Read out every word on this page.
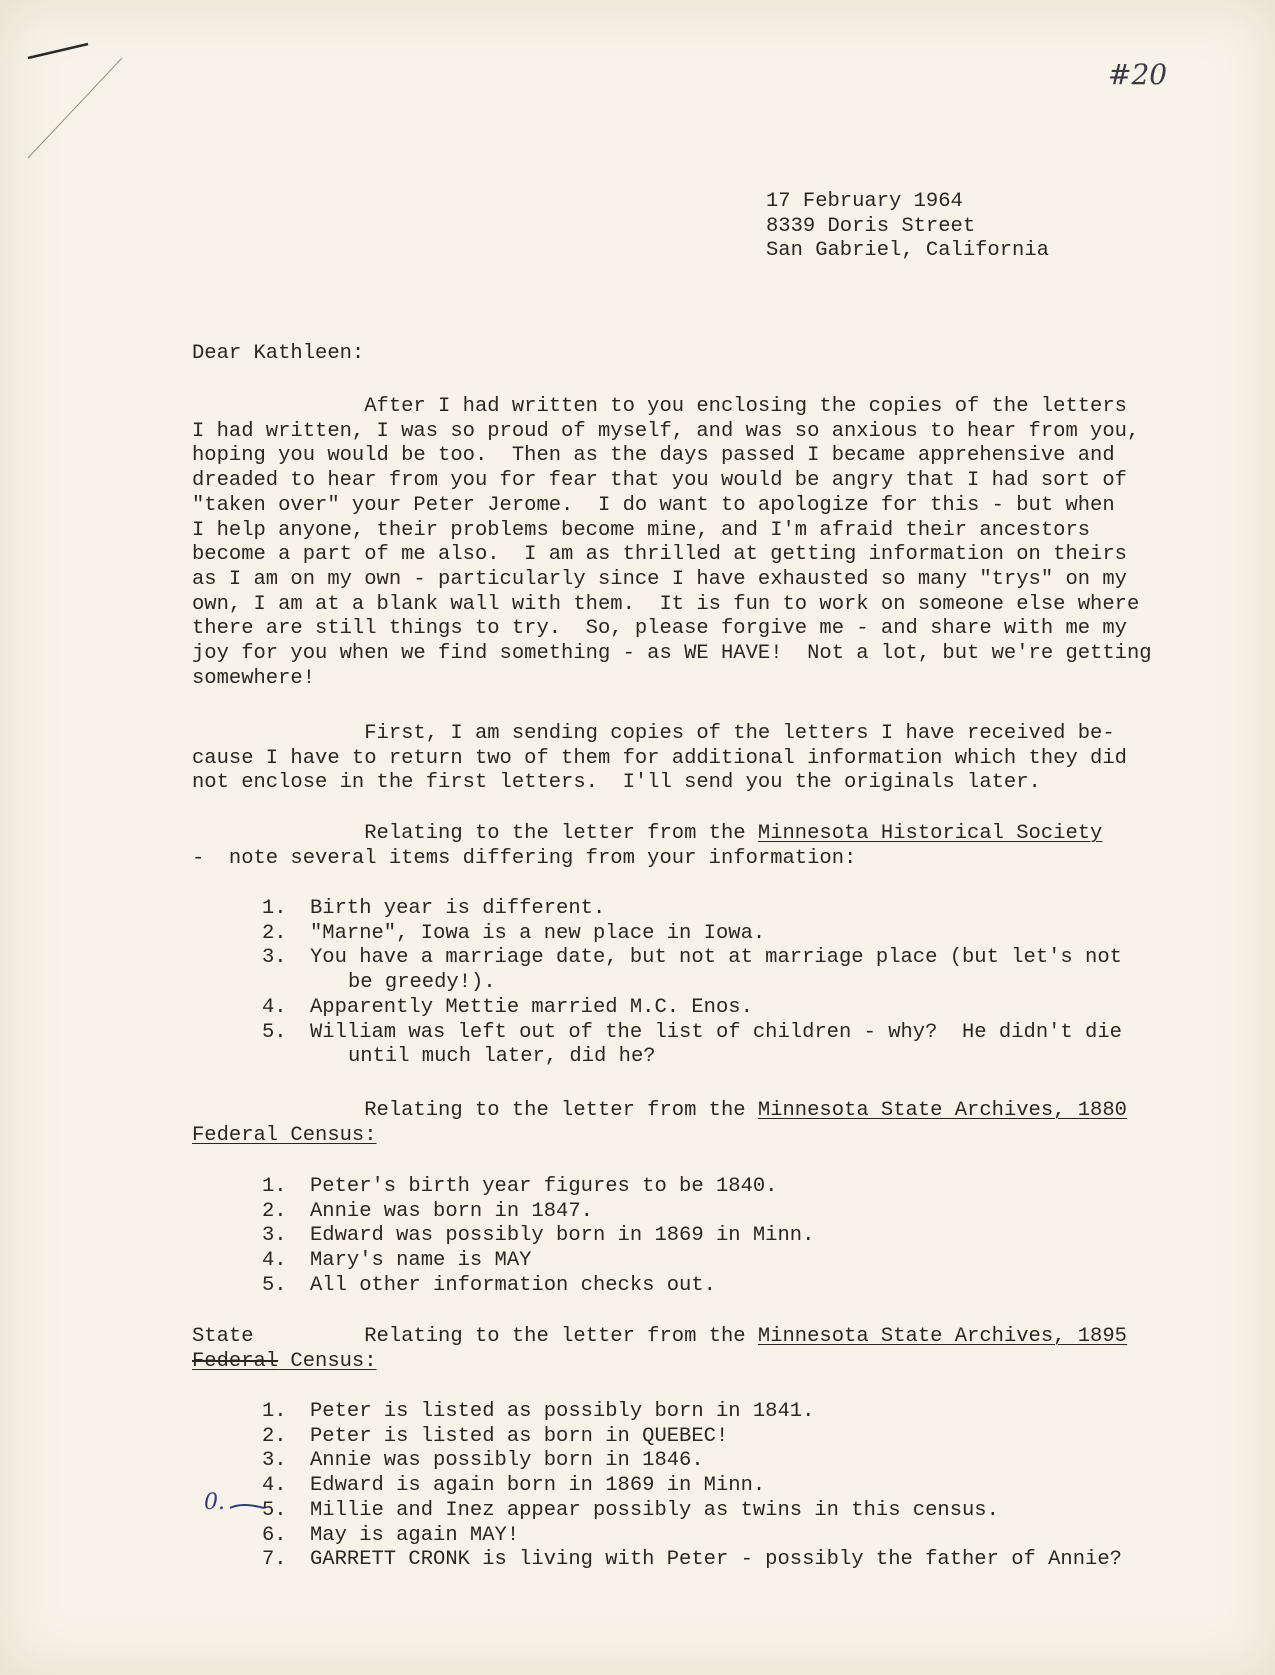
#20
17 February 1964
8339 Doris Street
San Gabriel, California
Dear Kathleen:
After I had written to you enclosing the copies of the letters
I had written, I was so proud of myself, and was so anxious to hear from you,
hoping you would be too.  Then as the days passed I became apprehensive and
dreaded to hear from you for fear that you would be angry that I had sort of
"taken over" your Peter Jerome.  I do want to apologize for this - but when
I help anyone, their problems become mine, and I'm afraid their ancestors
become a part of me also.  I am as thrilled at getting information on theirs
as I am on my own - particularly since I have exhausted so many "trys" on my
own, I am at a blank wall with them.  It is fun to work on someone else where
there are still things to try.  So, please forgive me - and share with me my
joy for you when we find something - as WE HAVE!  Not a lot, but we're getting
somewhere!
First, I am sending copies of the letters I have received be-
cause I have to return two of them for additional information which they did
not enclose in the first letters.  I'll send you the originals later.
Relating to the letter from the Minnesota Historical Society
-  note several items differing from your information:
1. Birth year is different.
2. "Marne", Iowa is a new place in Iowa.
3. You have a marriage date, but not at marriage place (but let's not
be greedy!).
4. Apparently Mettie married M.C. Enos.
5. William was left out of the list of children - why?  He didn't die
until much later, did he?
Relating to the letter from the Minnesota State Archives, 1880
Federal Census:
1. Peter's birth year figures to be 1840.
2. Annie was born in 1847.
3. Edward was possibly born in 1869 in Minn.
4. Mary's name is MAY
5. All other information checks out.
State         Relating to the letter from the Minnesota State Archives, 1895
Federal Census:
1. Peter is listed as possibly born in 1841.
2. Peter is listed as born in QUEBEC!
3. Annie was possibly born in 1846.
4. Edward is again born in 1869 in Minn.
5. Millie and Inez appear possibly as twins in this census.
6. May is again MAY!
7. GARRETT CRONK is living with Peter - possibly the father of Annie?
0.
